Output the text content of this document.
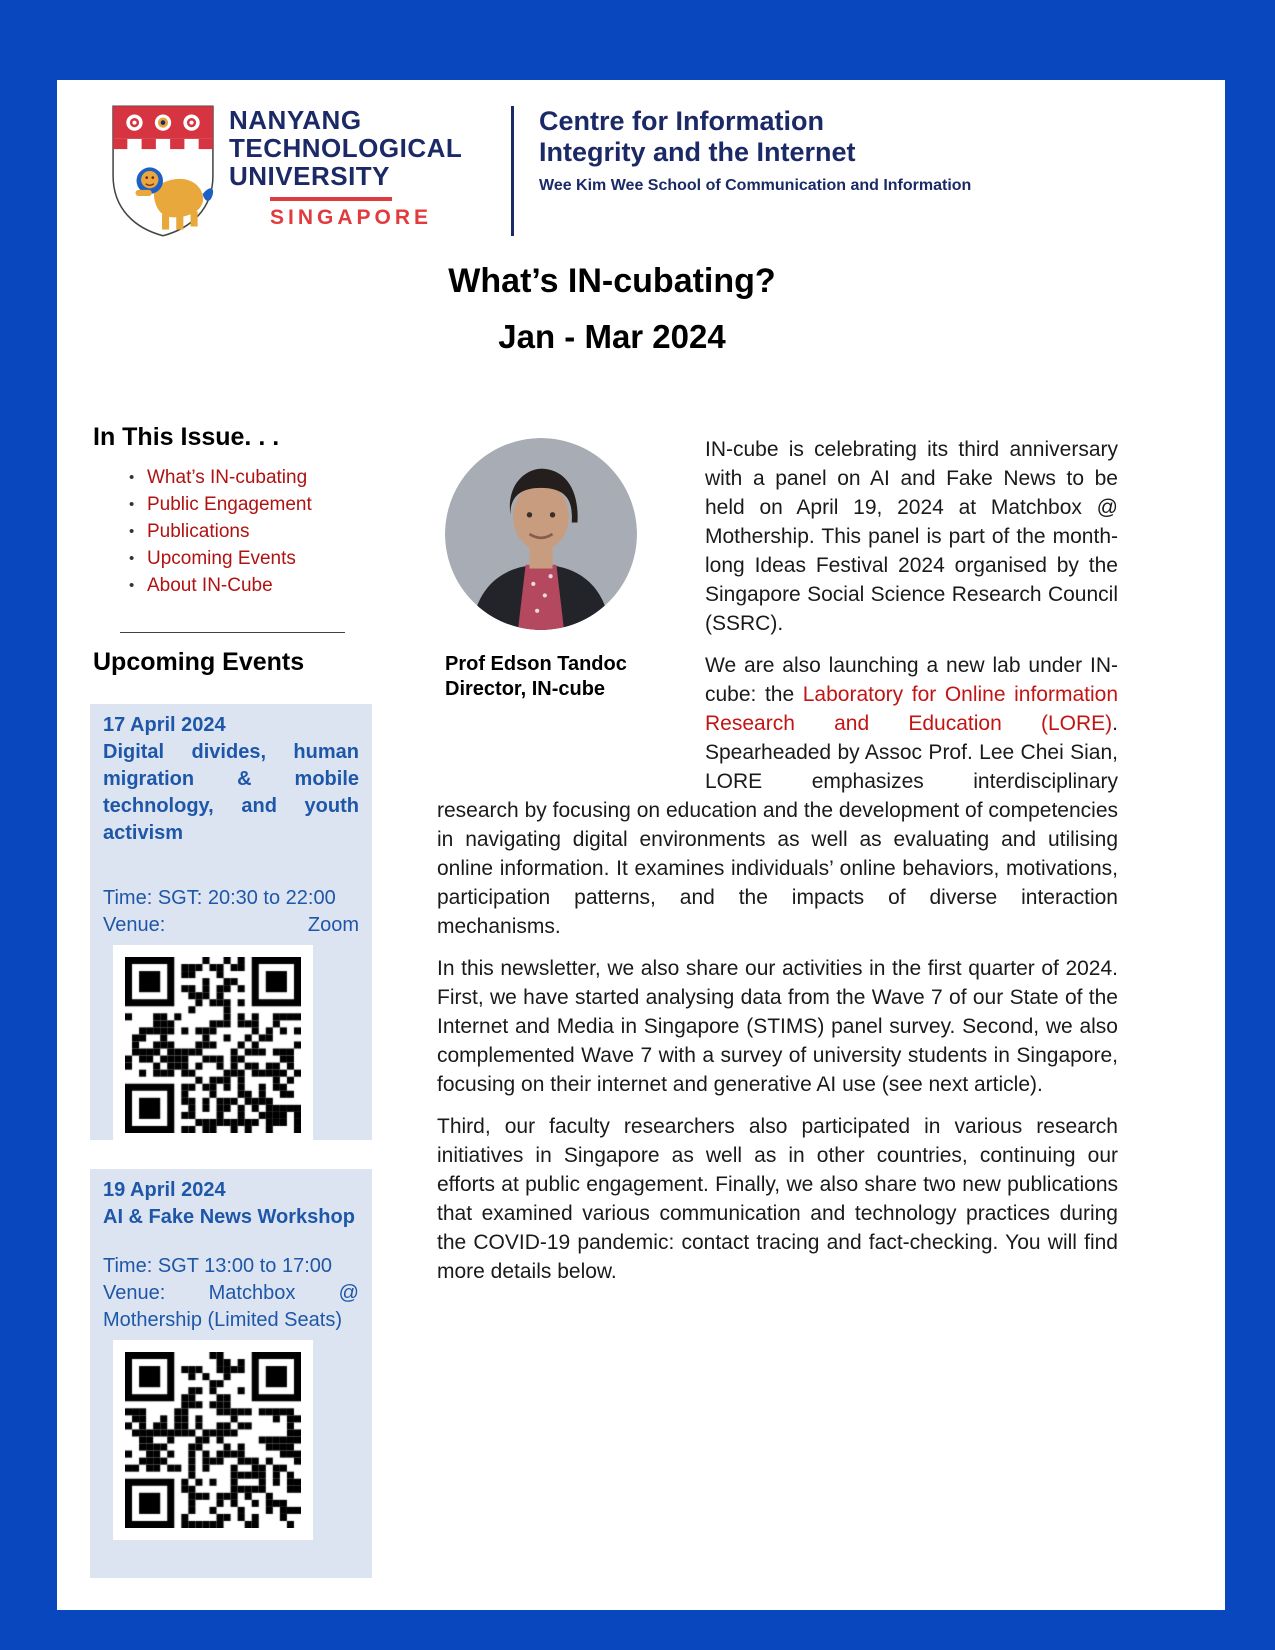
NANYANG
TECHNOLOGICAL
UNIVERSITY
SINGAPORE
Centre for Information
Integrity and the Internet
Wee Kim Wee School of Communication and Information
What’s IN-cubating?
Jan - Mar 2024
In This Issue. . .
• What’s IN-cubating
• Public Engagement
• Publications
• Upcoming Events
• About IN-Cube
Upcoming Events
17 April 2024
Digital divides, human migration & mobile technology, and youth activism
Time: SGT: 20:30 to 22:00
Venue:	Zoom
19 April 2024
AI & Fake News Workshop
Time: SGT 13:00 to 17:00
Venue: Matchbox @ Mothership (Limited Seats)
Prof Edson Tandoc
Director, IN-cube

IN-cube is celebrating its third anniversary with a panel on AI and Fake News to be held on April 19, 2024 at Matchbox @ Mothership. This panel is part of the month-long Ideas Festival 2024 organised by the Singapore Social Science Research Council (SSRC).

We are also launching a new lab under IN-cube: the Laboratory for Online information Research and Education (LORE). Spearheaded by Assoc Prof. Lee Chei Sian, LORE emphasizes interdisciplinary research by focusing on education and the development of competencies in navigating digital environments as well as evaluating and utilising online information. It examines individuals’ online behaviors, motivations, participation patterns, and the impacts of diverse interaction mechanisms.

In this newsletter, we also share our activities in the first quarter of 2024. First, we have started analysing data from the Wave 7 of our State of the Internet and Media in Singapore (STIMS) panel survey. Second, we also complemented Wave 7 with a survey of university students in Singapore, focusing on their internet and generative AI use (see next article).

Third, our faculty researchers also participated in various research initiatives in Singapore as well as in other countries, continuing our efforts at public engagement. Finally, we also share two new publications that examined various communication and technology practices during the COVID-19 pandemic: contact tracing and fact-checking. You will find more details below.
